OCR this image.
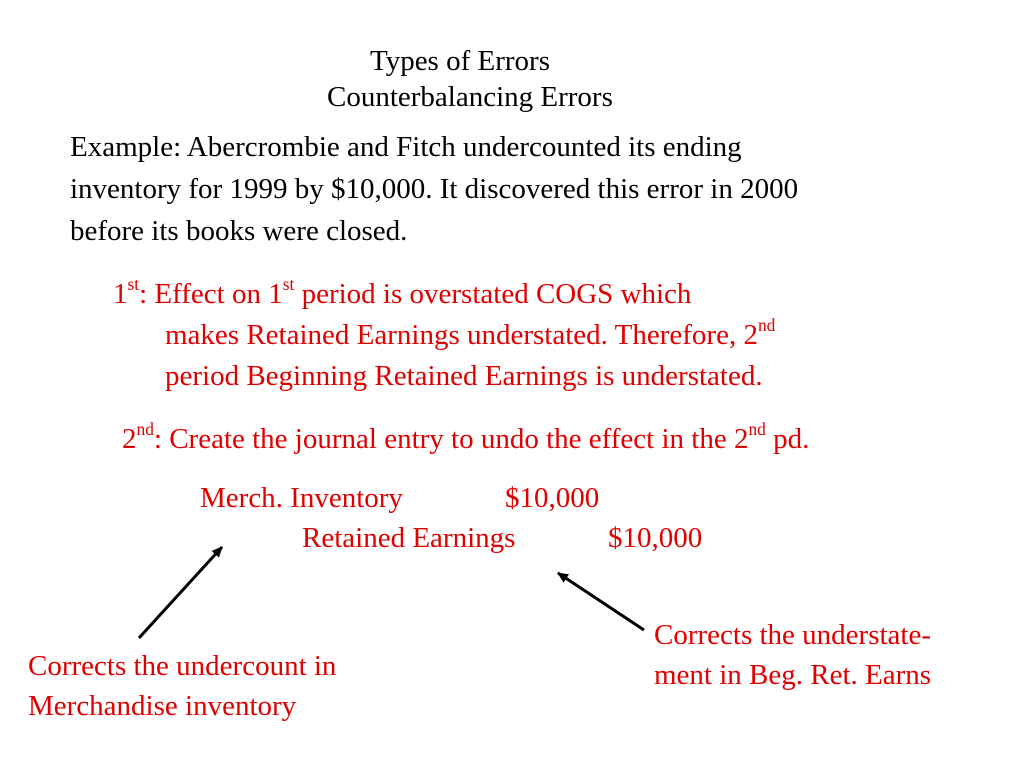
Types of Errors
Counterbalancing Errors
Example: Abercrombie and Fitch undercounted its ending
inventory for 1999 by $10,000. It discovered this error in 2000
before its books were closed.
1st: Effect on 1st period is overstated COGS which
makes Retained Earnings understated. Therefore, 2nd
period Beginning Retained Earnings is understated.
2nd: Create the journal entry to undo the effect in the 2nd pd.
Merch. Inventory	$10,000
Retained Earnings	$10,000
Corrects the undercount in
Merchandise inventory
Corrects the understate-
ment in Beg. Ret. Earns
